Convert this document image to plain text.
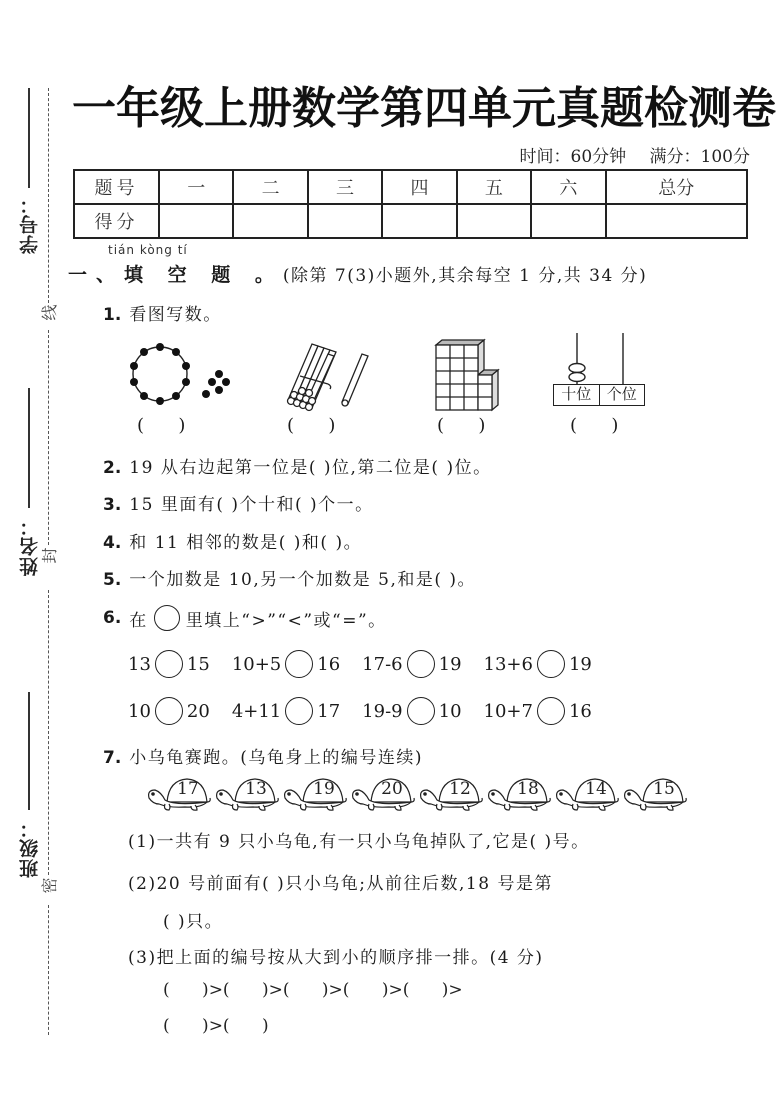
学号：
姓名：
班级：
线
封
密
一年级上册数学第四单元真题检测卷
时间：60分钟 满分：100分
题号	一	二	三	四	五	六	总分
得分							
tián kòng tí
一、填 空 题 。(除第 7(3)小题外,其余每空 1 分,共 34 分)
1. 看图写数。
十位	个位
(      )	(      )	(      )	(      )
2. 19 从右边起第一位是( )位,第二位是( )位。
3. 15 里面有( )个十和( )个一。
4. 和 11 相邻的数是( )和( )。
5. 一个加数是 10,另一个加数是 5,和是( )。
6. 在 里填上“>”“<”或“=”。
13 15 10+5 16 17-6 19 13+6 19
10 20 4+11 17 19-9 10 10+7 16
7. 小乌龟赛跑。(乌龟身上的编号连续)
17	13	19	20	12	18	14	15
(1)一共有 9 只小乌龟,有一只小乌龟掉队了,它是( )号。
(2)20 号前面有( )只小乌龟;从前往后数,18 号是第
( )只。
(3)把上面的编号按从大到小的顺序排一排。(4 分)
(      )>(      )>(      )>(      )>(      )>
(      )>(      )
